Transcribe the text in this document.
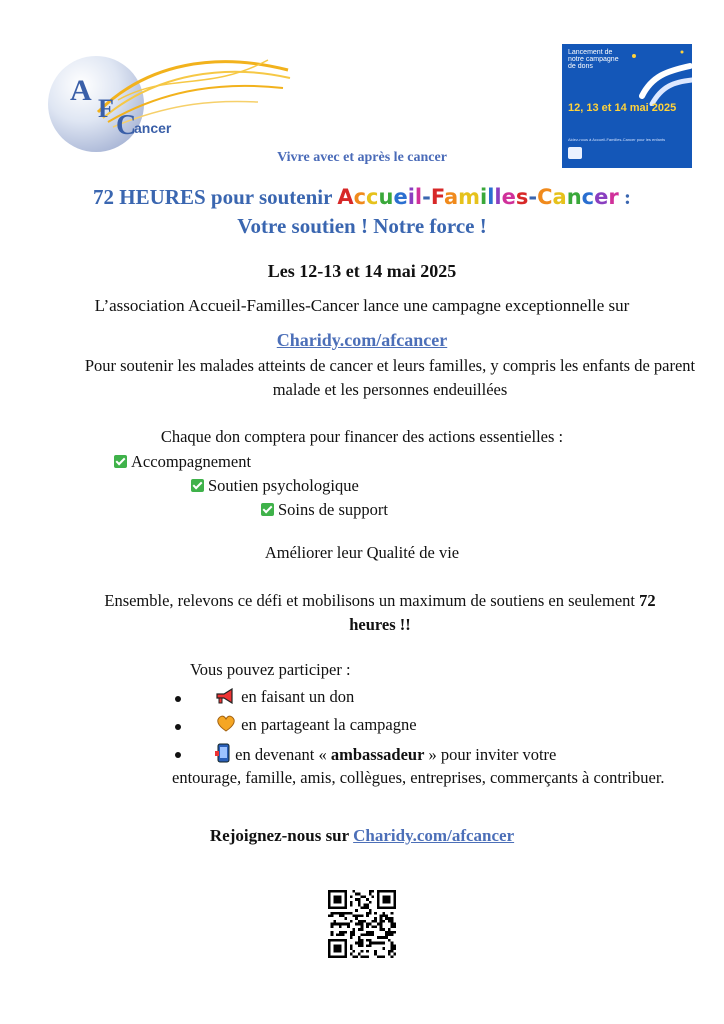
A
F
C
ancer
Lancement de notre campagne de dons
12, 13 et 14 mai 2025
Aidez-nous à Accueil-Familles-Cancer pour les enfants
Vivre avec et après le cancer
72 HEURES pour soutenir Accueil-Familles-Cancer :
Votre soutien ! Notre force !
Les 12-13 et 14 mai 2025
L’association Accueil-Familles-Cancer lance une campagne exceptionnelle sur
Charidy.com/afcancer
Pour soutenir les malades atteints de cancer et leurs familles, y compris les enfants de parent malade et les personnes endeuillées
Chaque don comptera pour financer des actions essentielles :
Accompagnement
Soutien psychologique
Soins de support
Améliorer leur Qualité de vie
Ensemble, relevons ce défi et mobilisons un maximum de soutiens en seulement 72 heures !!
Vous pouvez participer :
en faisant un don
en partageant la campagne
en devenant « ambassadeur » pour inviter votre
entourage, famille, amis, collègues, entreprises, commerçants à contribuer.
Rejoignez-nous sur Charidy.com/afcancer
